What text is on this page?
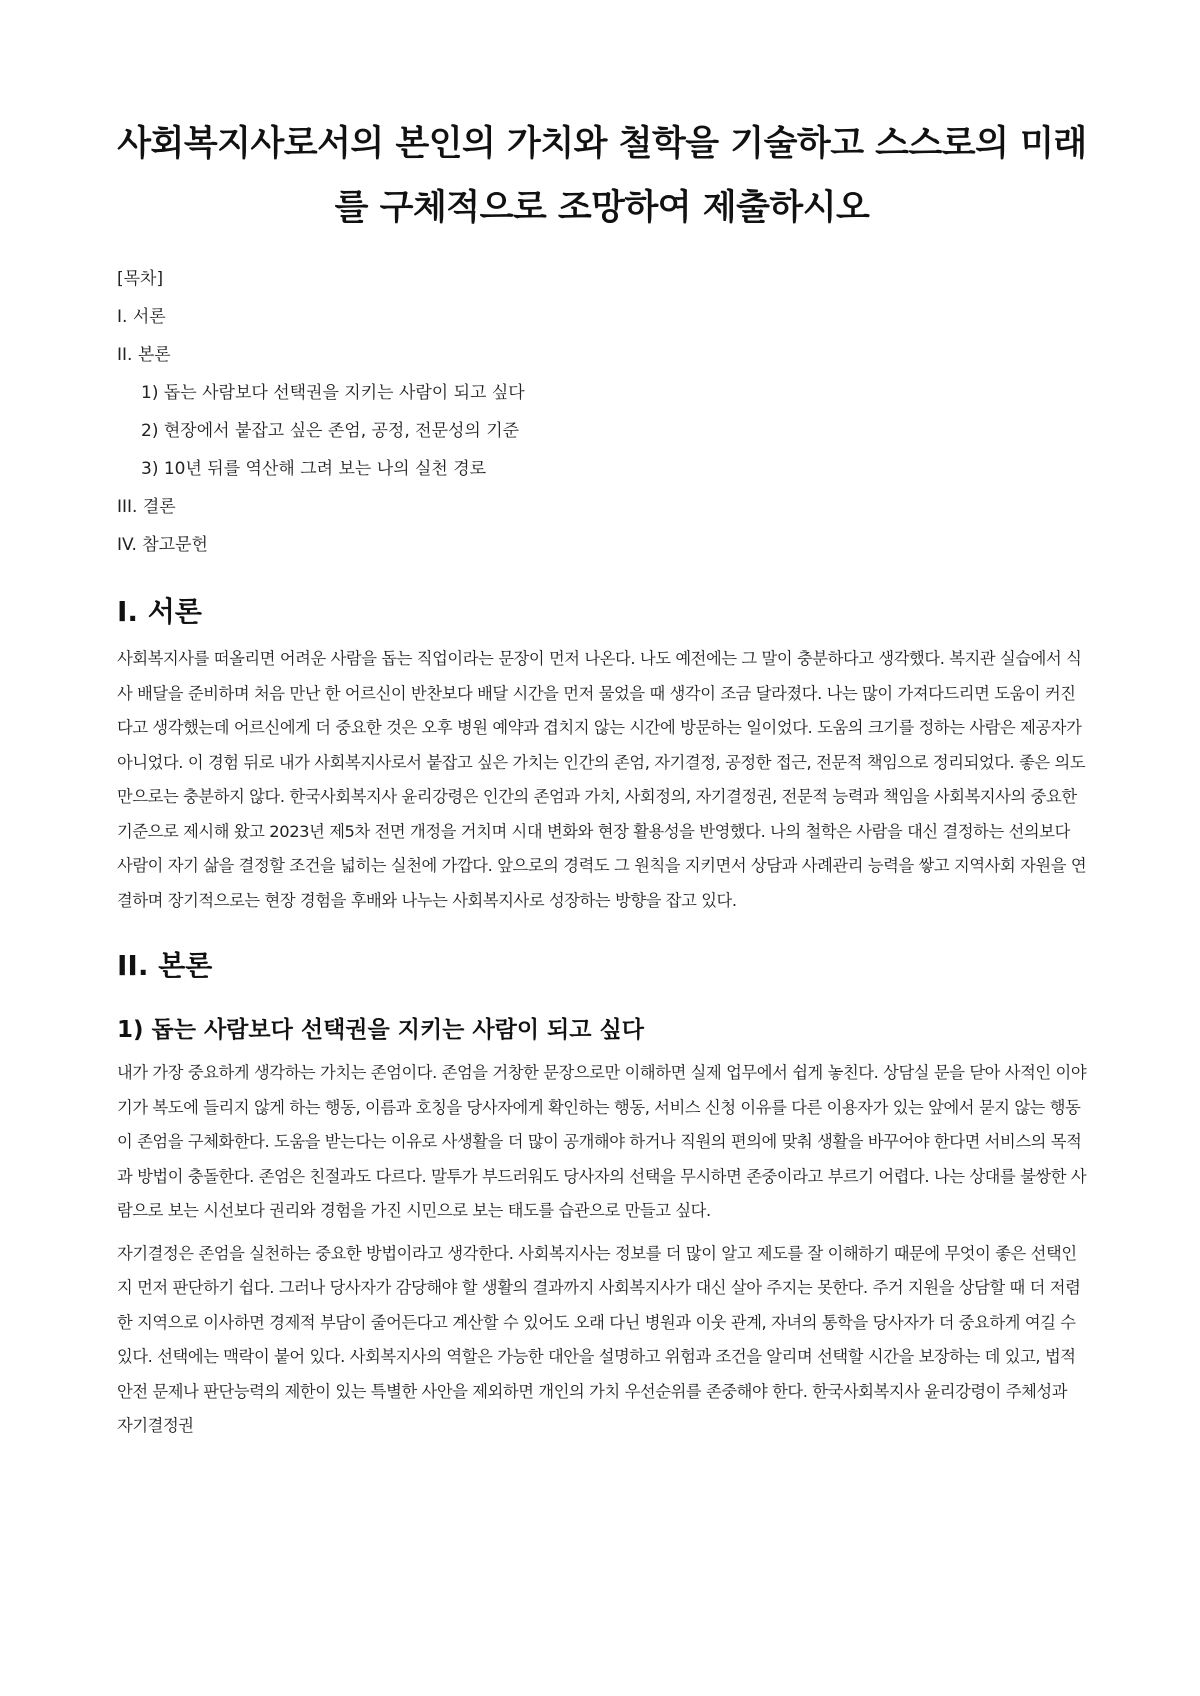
사회복지사로서의 본인의 가치와 철학을 기술하고 스스로의 미래를 구체적으로 조망하여 제출하시오
[목차]
I. 서론
II. 본론
1) 돕는 사람보다 선택권을 지키는 사람이 되고 싶다
2) 현장에서 붙잡고 싶은 존엄, 공정, 전문성의 기준
3) 10년 뒤를 역산해 그려 보는 나의 실천 경로
III. 결론
IV. 참고문헌
I. 서론

사회복지사를 떠올리면 어려운 사람을 돕는 직업이라는 문장이 먼저 나온다. 나도 예전에는 그 말이 충분하다고 생각했다. 복지관 실습에서 식사 배달을 준비하며 처음 만난 한 어르신이 반찬보다 배달 시간을 먼저 물었을 때 생각이 조금 달라졌다. 나는 많이 가져다드리면 도움이 커진다고 생각했는데 어르신에게 더 중요한 것은 오후 병원 예약과 겹치지 않는 시간에 방문하는 일이었다. 도움의 크기를 정하는 사람은 제공자가 아니었다. 이 경험 뒤로 내가 사회복지사로서 붙잡고 싶은 가치는 인간의 존엄, 자기결정, 공정한 접근, 전문적 책임으로 정리되었다. 좋은 의도만으로는 충분하지 않다. 한국사회복지사 윤리강령은 인간의 존엄과 가치, 사회정의, 자기결정권, 전문적 능력과 책임을 사회복지사의 중요한 기준으로 제시해 왔고 2023년 제5차 전면 개정을 거치며 시대 변화와 현장 활용성을 반영했다. 나의 철학은 사람을 대신 결정하는 선의보다 사람이 자기 삶을 결정할 조건을 넓히는 실천에 가깝다. 앞으로의 경력도 그 원칙을 지키면서 상담과 사례관리 능력을 쌓고 지역사회 자원을 연결하며 장기적으로는 현장 경험을 후배와 나누는 사회복지사로 성장하는 방향을 잡고 있다.

II. 본론
1) 돕는 사람보다 선택권을 지키는 사람이 되고 싶다

내가 가장 중요하게 생각하는 가치는 존엄이다. 존엄을 거창한 문장으로만 이해하면 실제 업무에서 쉽게 놓친다. 상담실 문을 닫아 사적인 이야기가 복도에 들리지 않게 하는 행동, 이름과 호칭을 당사자에게 확인하는 행동, 서비스 신청 이유를 다른 이용자가 있는 앞에서 묻지 않는 행동이 존엄을 구체화한다. 도움을 받는다는 이유로 사생활을 더 많이 공개해야 하거나 직원의 편의에 맞춰 생활을 바꾸어야 한다면 서비스의 목적과 방법이 충돌한다. 존엄은 친절과도 다르다. 말투가 부드러워도 당사자의 선택을 무시하면 존중이라고 부르기 어렵다. 나는 상대를 불쌍한 사람으로 보는 시선보다 권리와 경험을 가진 시민으로 보는 태도를 습관으로 만들고 싶다.

자기결정은 존엄을 실천하는 중요한 방법이라고 생각한다. 사회복지사는 정보를 더 많이 알고 제도를 잘 이해하기 때문에 무엇이 좋은 선택인지 먼저 판단하기 쉽다. 그러나 당사자가 감당해야 할 생활의 결과까지 사회복지사가 대신 살아 주지는 못한다. 주거 지원을 상담할 때 더 저렴한 지역으로 이사하면 경제적 부담이 줄어든다고 계산할 수 있어도 오래 다닌 병원과 이웃 관계, 자녀의 통학을 당사자가 더 중요하게 여길 수 있다. 선택에는 맥락이 붙어 있다. 사회복지사의 역할은 가능한 대안을 설명하고 위험과 조건을 알리며 선택할 시간을 보장하는 데 있고, 법적 안전 문제나 판단능력의 제한이 있는 특별한 사안을 제외하면 개인의 가치 우선순위를 존중해야 한다. 한국사회복지사 윤리강령이 주체성과 자기결정권
